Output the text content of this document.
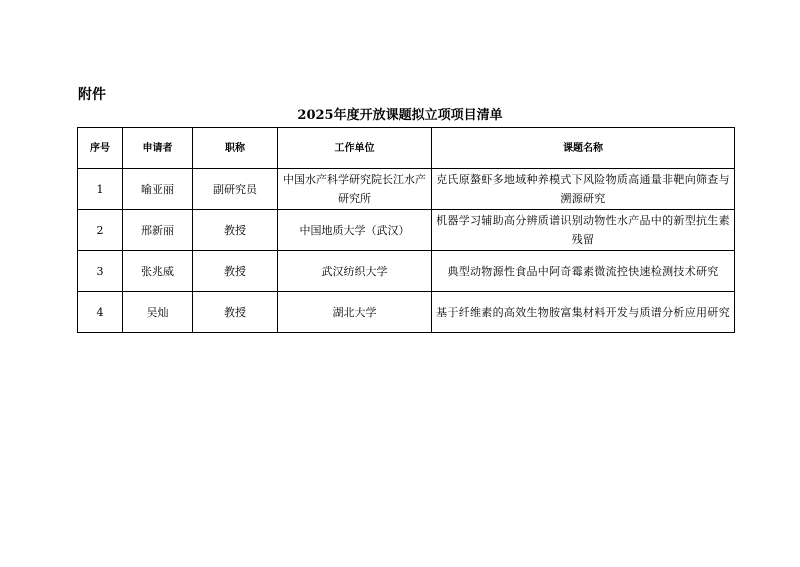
附件
2025年度开放课题拟立项项目清单
序号	申请者	职称	工作单位	课题名称
1	喻亚丽	副研究员	中国水产科学研究院长江水产研究所	克氏原螯虾多地域种养模式下风险物质高通量非靶向筛查与溯源研究
2	邢新丽	教授	中国地质大学（武汉）	机器学习辅助高分辨质谱识别动物性水产品中的新型抗生素残留
3	张兆威	教授	武汉纺织大学	典型动物源性食品中阿奇霉素微流控快速检测技术研究
4	吴灿	教授	湖北大学	基于纤维素的高效生物胺富集材料开发与质谱分析应用研究
